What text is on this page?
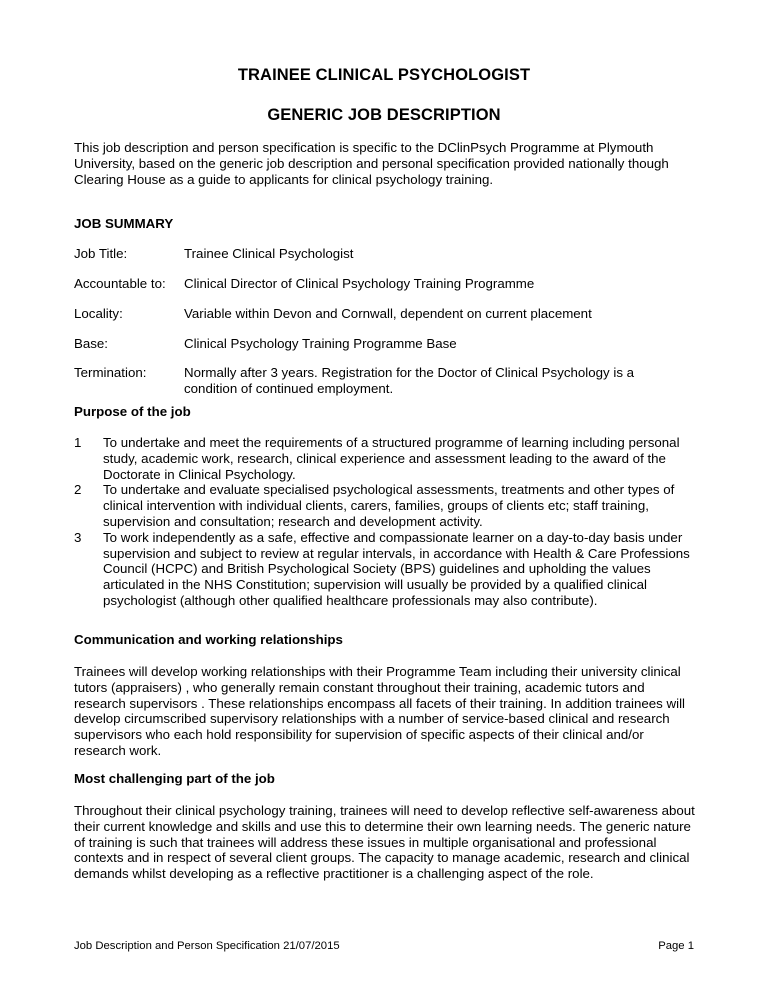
TRAINEE CLINICAL PSYCHOLOGIST
GENERIC JOB DESCRIPTION
This job description and person specification is specific to the DClinPsych Programme at Plymouth University, based on the generic job description and personal specification provided nationally though Clearing House as a guide to applicants for clinical psychology training.
JOB SUMMARY
Job Title:	Trainee Clinical Psychologist
Accountable to:	Clinical Director of Clinical Psychology Training Programme
Locality:	Variable within Devon and Cornwall, dependent on current placement
Base:	Clinical Psychology Training Programme Base
Termination:	Normally after 3 years. Registration for the Doctor of Clinical Psychology is a condition of continued employment.
Purpose of the job
1 To undertake and meet the requirements of a structured programme of learning including personal study, academic work, research, clinical experience and assessment leading to the award of the Doctorate in Clinical Psychology.
2 To undertake and evaluate specialised psychological assessments, treatments and other types of clinical intervention with individual clients, carers, families, groups of clients etc; staff training, supervision and consultation; research and development activity.
3 To work independently as a safe, effective and compassionate learner on a day-to-day basis under supervision and subject to review at regular intervals, in accordance with Health & Care Professions Council (HCPC) and British Psychological Society (BPS) guidelines and upholding the values articulated in the NHS Constitution; supervision will usually be provided by a qualified clinical psychologist (although other qualified healthcare professionals may also contribute).
Communication and working relationships
Trainees will develop working relationships with their Programme Team including their university clinical tutors (appraisers) , who generally remain constant throughout their training, academic tutors and research supervisors . These relationships encompass all facets of their training. In addition trainees will develop circumscribed supervisory relationships with a number of service-based clinical and research supervisors who each hold responsibility for supervision of specific aspects of their clinical and/or research work.
Most challenging part of the job
Throughout their clinical psychology training, trainees will need to develop reflective self-awareness about their current knowledge and skills and use this to determine their own learning needs. The generic nature of training is such that trainees will address these issues in multiple organisational and professional contexts and in respect of several client groups. The capacity to manage academic, research and clinical demands whilst developing as a reflective practitioner is a challenging aspect of the role.
Job Description and Person Specification 21/07/2015	Page 1
